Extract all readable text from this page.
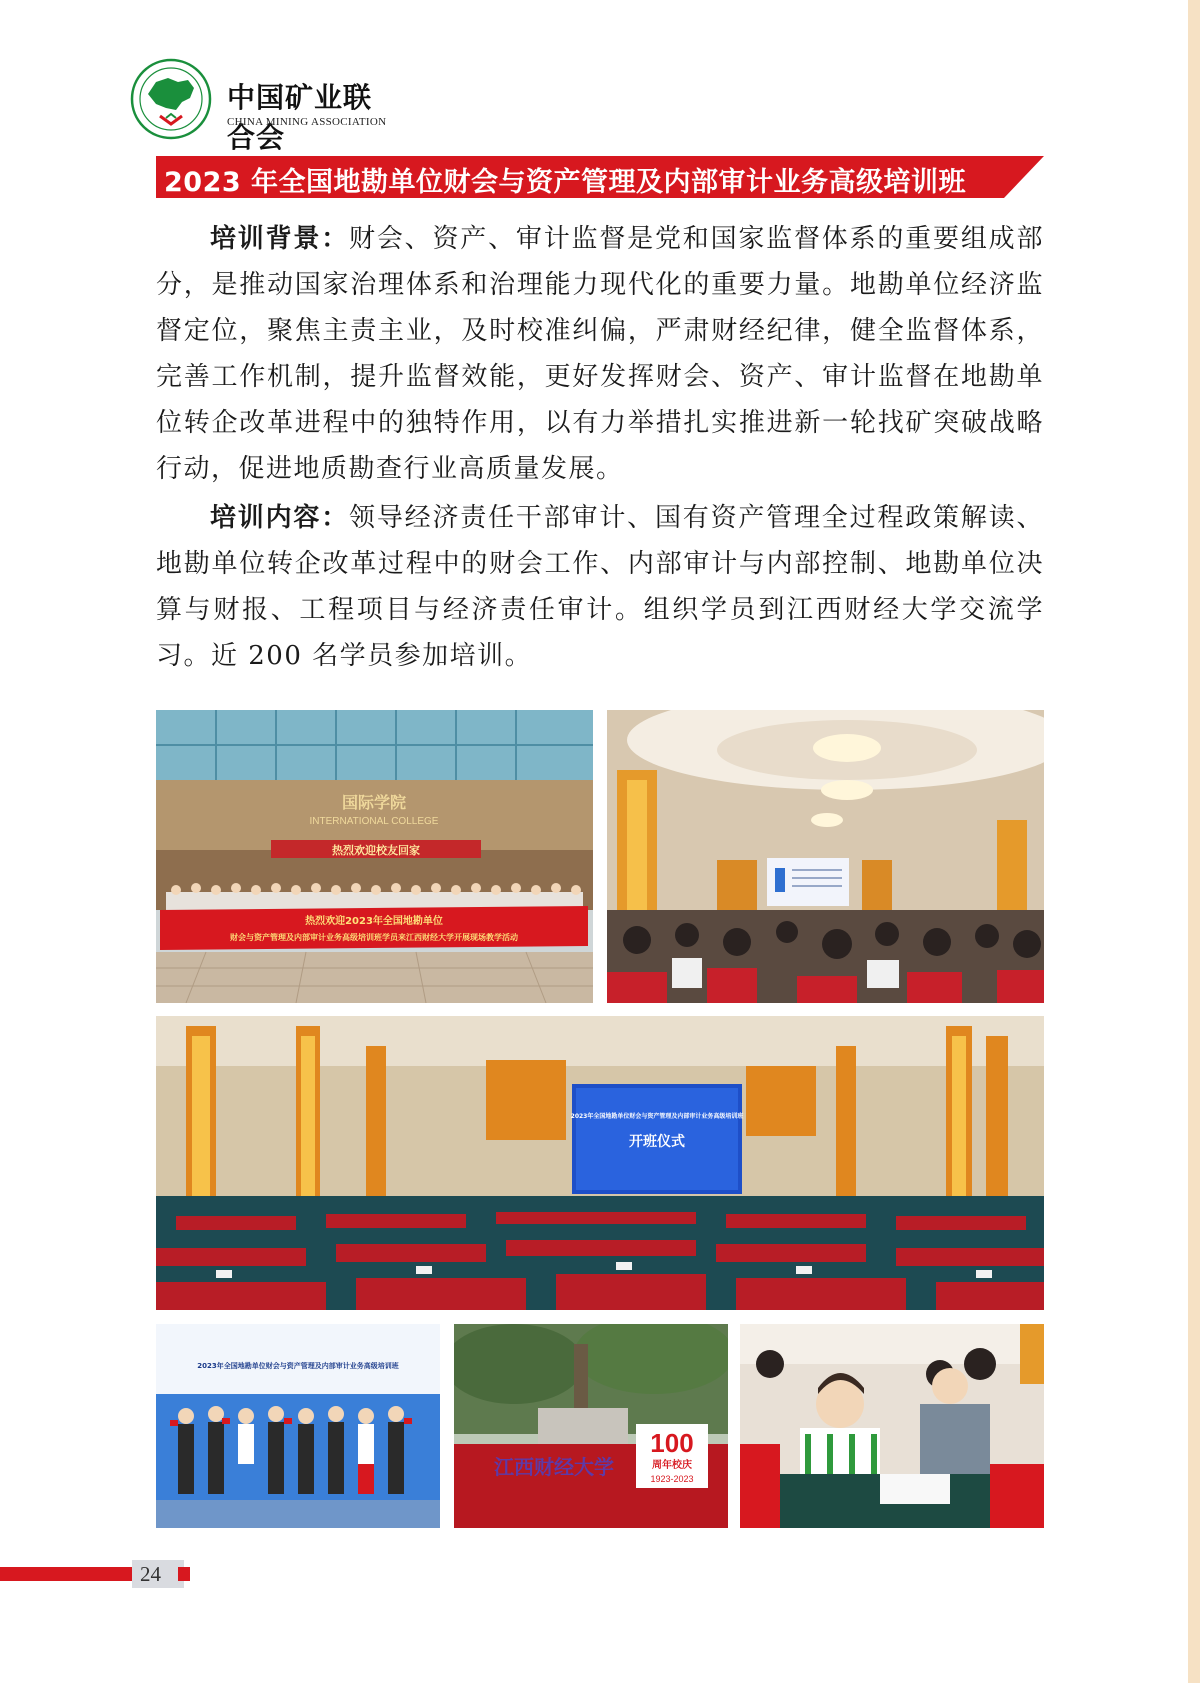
中国矿业联合会
CHINA MINING ASSOCIATION
2023 年全国地勘单位财会与资产管理及内部审计业务高级培训班

培训背景：财会、资产、审计监督是党和国家监督体系的重要组成部分，是推动国家治理体系和治理能力现代化的重要力量。地勘单位经济监督定位，聚焦主责主业，及时校准纠偏，严肃财经纪律，健全监督体系，完善工作机制，提升监督效能，更好发挥财会、资产、审计监督在地勘单位转企改革进程中的独特作用，以有力举措扎实推进新一轮找矿突破战略行动，促进地质勘查行业高质量发展。

培训内容：领导经济责任干部审计、国有资产管理全过程政策解读、地勘单位转企改革过程中的财会工作、内部审计与内部控制、地勘单位决算与财报、工程项目与经济责任审计。组织学员到江西财经大学交流学习。近 200 名学员参加培训。

国际学院
INTERNATIONAL COLLEGE
热烈欢迎校友回家
热烈欢迎2023年全国地勘单位
财会与资产管理及内部审计业务高级培训班学员来江西财经大学开展现场教学活动
2023年全国地勘单位财会与资产管理及内部审计业务高级培训班
开班仪式
2023年全国地勘单位财会与资产管理及内部审计业务高级培训班
江西财经大学
100
周年校庆
1923-2023
24
